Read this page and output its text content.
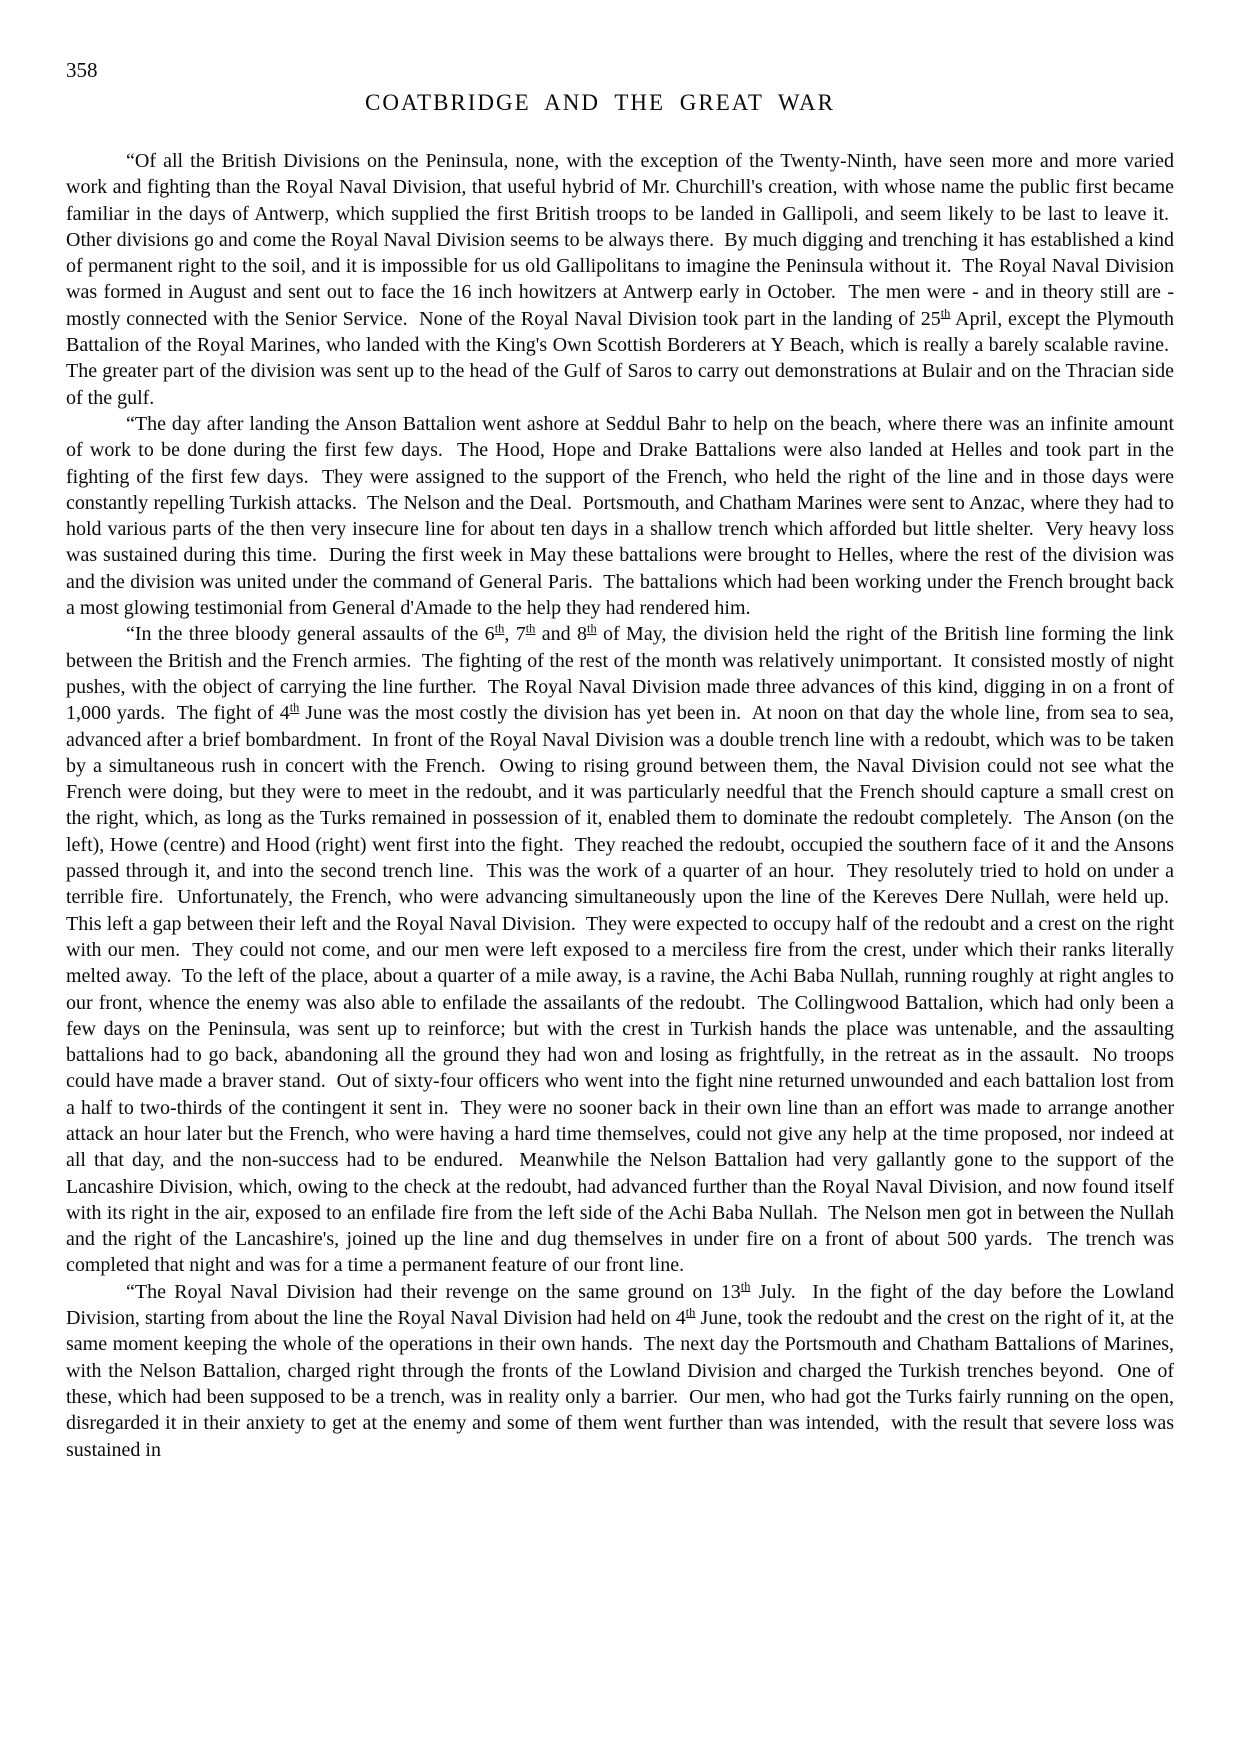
358
COATBRIDGE AND THE GREAT WAR

“Of all the British Divisions on the Peninsula, none, with the exception of the Twenty-Ninth, have seen more and more varied work and fighting than the Royal Naval Division, that useful hybrid of Mr. Churchill's creation, with whose name the public first became familiar in the days of Antwerp, which supplied the first British troops to be landed in Gallipoli, and seem likely to be last to leave it.  Other divisions go and come the Royal Naval Division seems to be always there.  By much digging and trenching it has established a kind of permanent right to the soil, and it is impossible for us old Gallipolitans to imagine the Peninsula without it.  The Royal Naval Division was formed in August and sent out to face the 16 inch howitzers at Antwerp early in October.  The men were - and in theory still are - mostly connected with the Senior Service.  None of the Royal Naval Division took part in the landing of 25th April, except the Plymouth Battalion of the Royal Marines, who landed with the King's Own Scottish Borderers at Y Beach, which is really a barely scalable ravine.  The greater part of the division was sent up to the head of the Gulf of Saros to carry out demonstrations at Bulair and on the Thracian side of the gulf.

“The day after landing the Anson Battalion went ashore at Seddul Bahr to help on the beach, where there was an infinite amount of work to be done during the first few days.  The Hood, Hope and Drake Battalions were also landed at Helles and took part in the fighting of the first few days.  They were assigned to the support of the French, who held the right of the line and in those days were constantly repelling Turkish attacks.  The Nelson and the Deal.  Portsmouth, and Chatham Marines were sent to Anzac, where they had to hold various parts of the then very insecure line for about ten days in a shallow trench which afforded but little shelter.  Very heavy loss was sustained during this time.  During the first week in May these battalions were brought to Helles, where the rest of the division was and the division was united under the command of General Paris.  The battalions which had been working under the French brought back a most glowing testimonial from General d'Amade to the help they had rendered him.

“In the three bloody general assaults of the 6th, 7th and 8th of May, the division held the right of the British line forming the link between the British and the French armies.  The fighting of the rest of the month was relatively unimportant.  It consisted mostly of night pushes, with the object of carrying the line further.  The Royal Naval Division made three advances of this kind, digging in on a front of 1,000 yards.  The fight of 4th June was the most costly the division has yet been in.  At noon on that day the whole line, from sea to sea, advanced after a brief bombardment.  In front of the Royal Naval Division was a double trench line with a redoubt, which was to be taken by a simultaneous rush in concert with the French.  Owing to rising ground between them, the Naval Division could not see what the French were doing, but they were to meet in the redoubt, and it was particularly needful that the French should capture a small crest on the right, which, as long as the Turks remained in possession of it, enabled them to dominate the redoubt completely.  The Anson (on the left), Howe (centre) and Hood (right) went first into the fight.  They reached the redoubt, occupied the southern face of it and the Ansons passed through it, and into the second trench line.  This was the work of a quarter of an hour.  They resolutely tried to hold on under a terrible fire.  Unfortunately, the French, who were advancing simultaneously upon the line of the Kereves Dere Nullah, were held up.  This left a gap between their left and the Royal Naval Division.  They were expected to occupy half of the redoubt and a crest on the right with our men.  They could not come, and our men were left exposed to a merciless fire from the crest, under which their ranks literally melted away.  To the left of the place, about a quarter of a mile away, is a ravine, the Achi Baba Nullah, running roughly at right angles to our front, whence the enemy was also able to enfilade the assailants of the redoubt.  The Collingwood Battalion, which had only been a few days on the Peninsula, was sent up to reinforce; but with the crest in Turkish hands the place was untenable, and the assaulting battalions had to go back, abandoning all the ground they had won and losing as frightfully, in the retreat as in the assault.  No troops could have made a braver stand.  Out of sixty-four officers who went into the fight nine returned unwounded and each battalion lost from a half to two-thirds of the contingent it sent in.  They were no sooner back in their own line than an effort was made to arrange another attack an hour later but the French, who were having a hard time themselves, could not give any help at the time proposed, nor indeed at all that day, and the non-success had to be endured.  Meanwhile the Nelson Battalion had very gallantly gone to the support of the Lancashire Division, which, owing to the check at the redoubt, had advanced further than the Royal Naval Division, and now found itself with its right in the air, exposed to an enfilade fire from the left side of the Achi Baba Nullah.  The Nelson men got in between the Nullah and the right of the Lancashire's, joined up the line and dug themselves in under fire on a front of about 500 yards.  The trench was completed that night and was for a time a permanent feature of our front line.

“The Royal Naval Division had their revenge on the same ground on 13th July.  In the fight of the day before the Lowland Division, starting from about the line the Royal Naval Division had held on 4th June, took the redoubt and the crest on the right of it, at the same moment keeping the whole of the operations in their own hands.  The next day the Portsmouth and Chatham Battalions of Marines, with the Nelson Battalion, charged right through the fronts of the Lowland Division and charged the Turkish trenches beyond.  One of these, which had been supposed to be a trench, was in reality only a barrier.  Our men, who had got the Turks fairly running on the open, disregarded it in their anxiety to get at the enemy and some of them went further than was intended,  with the result that severe loss was sustained in
